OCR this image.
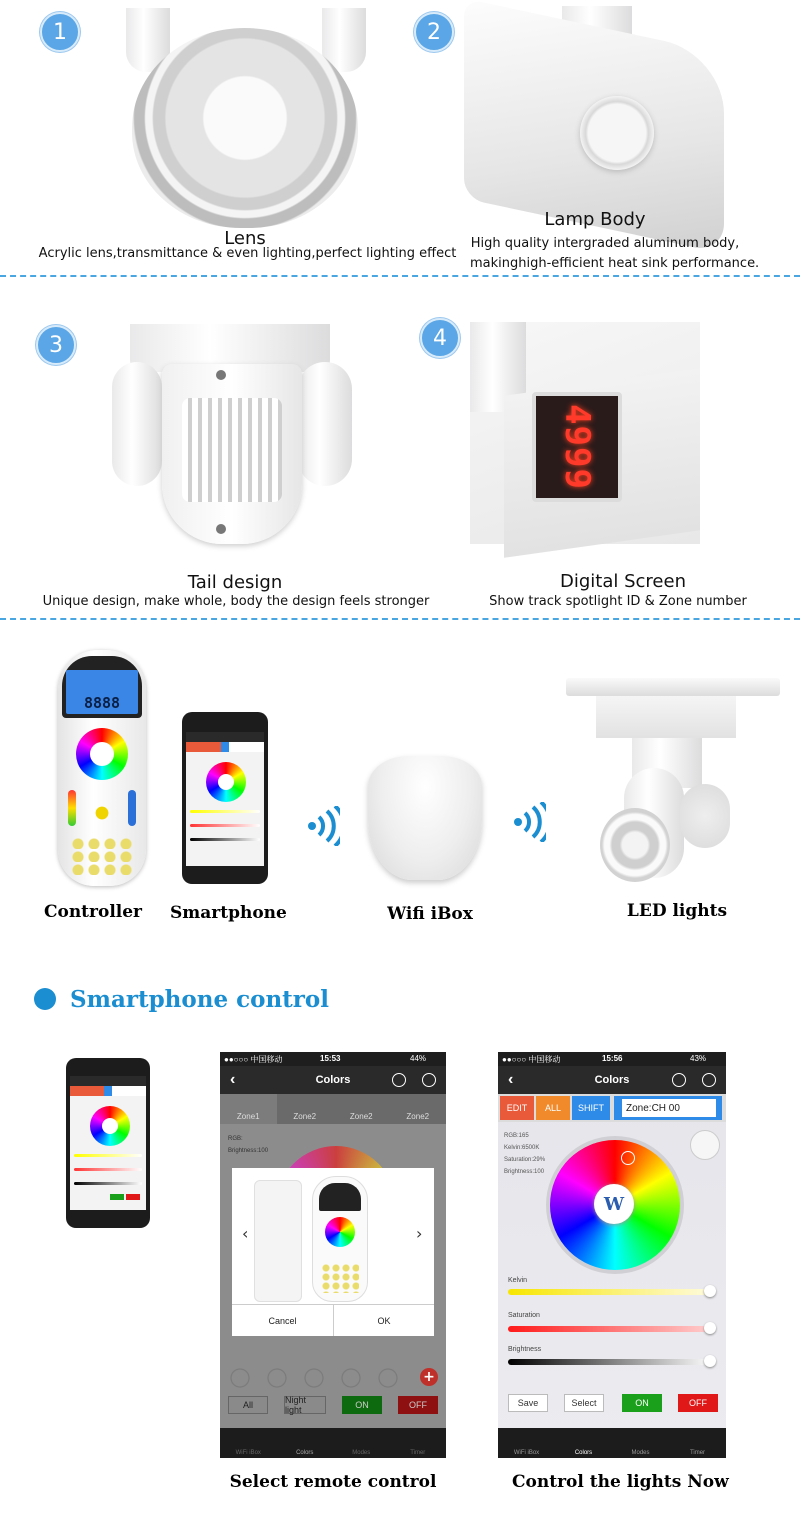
1
Lens
Acrylic lens,transmittance & even lighting,perfect lighting effect
2
Lamp Body
High quality intergraded aluminum body,
makinghigh-efficient heat sink performance.
3
Tail design
Unique design, make whole, body the design feels stronger
4
4999
Digital Screen
Show track spotlight ID & Zone number
8888
Controller	Smartphone	Wifi iBox	LED lights
Smartphone control
●●○○○ 中国移动	15:53	44%
‹	Colors
Zone1	Zone2	Zone2	Zone2
RGB:
Brightness:100
‹	›
Cancel	OK
+
All	Night light	ON	OFF
WiFi iBox	Colors	Modes	Timer
●●○○○ 中国移动	15:56	43%
‹	Colors
EDIT	ALL	SHIFT	Zone:CH
00
RGB:165
Kelvin:6500K
Saturation:29%
Brightness:100
W
Kelvin
Saturation
Brightness
Save	Select	ON	OFF
WiFi iBox	Colors	Modes	Timer
Select remote control	Control the lights Now
